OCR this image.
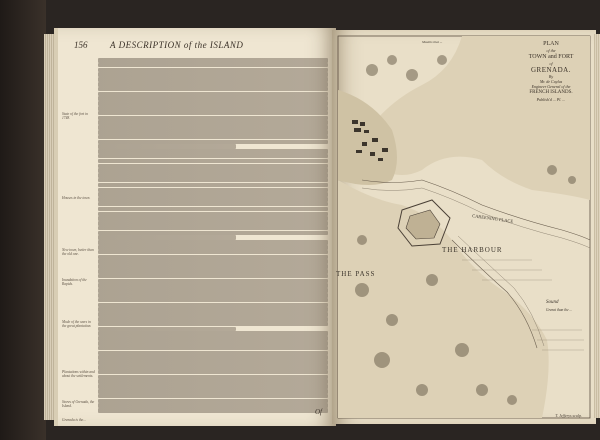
156	A DESCRIPTION of the ISLAND
State of the fort in 1748.
Houses in the town.
New town, better than the old one.
Inundation of the Rapids.
Mode of the wars in the great plantation.
Plantations within and about the settlements.
Stores of Grenada, the Island.
Grenada is the...
Of
PLAN
of the
TOWN and FORT
of
GRENADA.
By
Mr. de Caylus
Engineer General of the
FRENCH ISLANDS.
Publish'd ... Pl. ...
Mouths that ...
THE HARBOUR
CAREENING PLACE
THE PASS
Sound
Grenat than the ...
T. Jefferys sculp.
